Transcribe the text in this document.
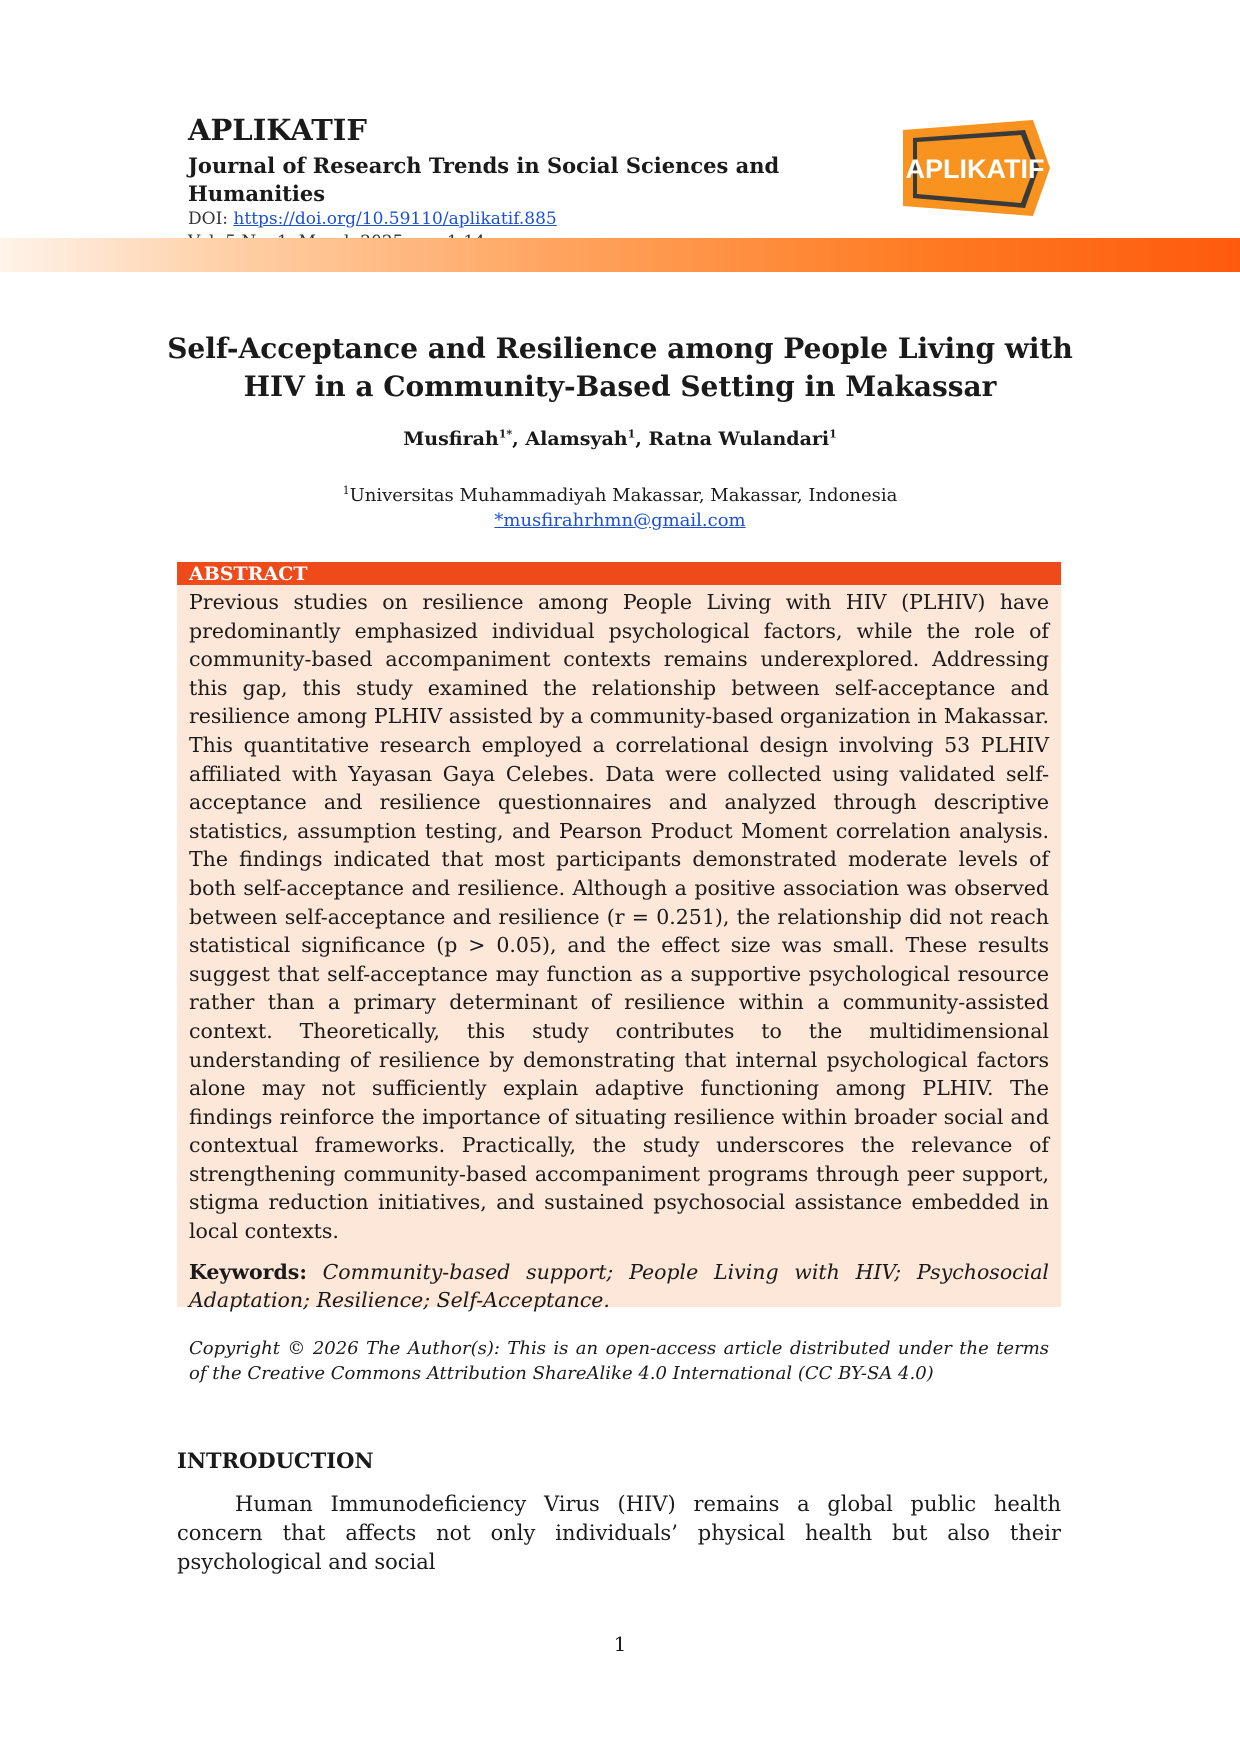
APLIKATIF
Journal of Research Trends in Social Sciences and Humanities
DOI: https://doi.org/10.59110/aplikatif.885
APLIKATIF
Self-Acceptance and Resilience among People Living with
HIV in a Community-Based Setting in Makassar
Musfirah$^{1*}$, Alamsyah$^1$, Ratna Wulandari$^1$
$^1$Universitas Muhammadiyah Makassar, Makassar, Indonesia
*musfirahrhmn@gmail.com
ABSTRACT
Previous studies on resilience among People Living with HIV (PLHIV) have predominantly emphasized individual psychological factors, while the role of community-based accompaniment contexts remains underexplored. Addressing this gap, this study examined the relationship between self-acceptance and resilience among PLHIV assisted by a community-based organization in Makassar. This quantitative research employed a correlational design involving 53 PLHIV affiliated with Yayasan Gaya Celebes. Data were collected using validated self-acceptance and resilience questionnaires and analyzed through descriptive statistics, assumption testing, and Pearson Product Moment correlation analysis. The findings indicated that most participants demonstrated moderate levels of both self-acceptance and resilience. Although a positive association was observed between self-acceptance and resilience (r = 0.251), the relationship did not reach statistical significance (p > 0.05), and the effect size was small. These results suggest that self-acceptance may function as a supportive psychological resource rather than a primary determinant of resilience within a community-assisted context. Theoretically, this study contributes to the multidimensional understanding of resilience by demonstrating that internal psychological factors alone may not sufficiently explain adaptive functioning among PLHIV. The findings reinforce the importance of situating resilience within broader social and contextual frameworks. Practically, the study underscores the relevance of strengthening community-based accompaniment programs through peer support, stigma reduction initiatives, and sustained psychosocial assistance embedded in local contexts.
Keywords: Community-based support; People Living with HIV; Psychosocial Adaptation; Resilience; Self-Acceptance.
Copyright © 2026 The Author(s): This is an open-access article distributed under the terms of the Creative Commons Attribution ShareAlike 4.0 International (CC BY-SA 4.0)
INTRODUCTION
Human Immunodeficiency Virus (HIV) remains a global public health concern that affects not only individuals’ physical health but also their psychological and social
1
